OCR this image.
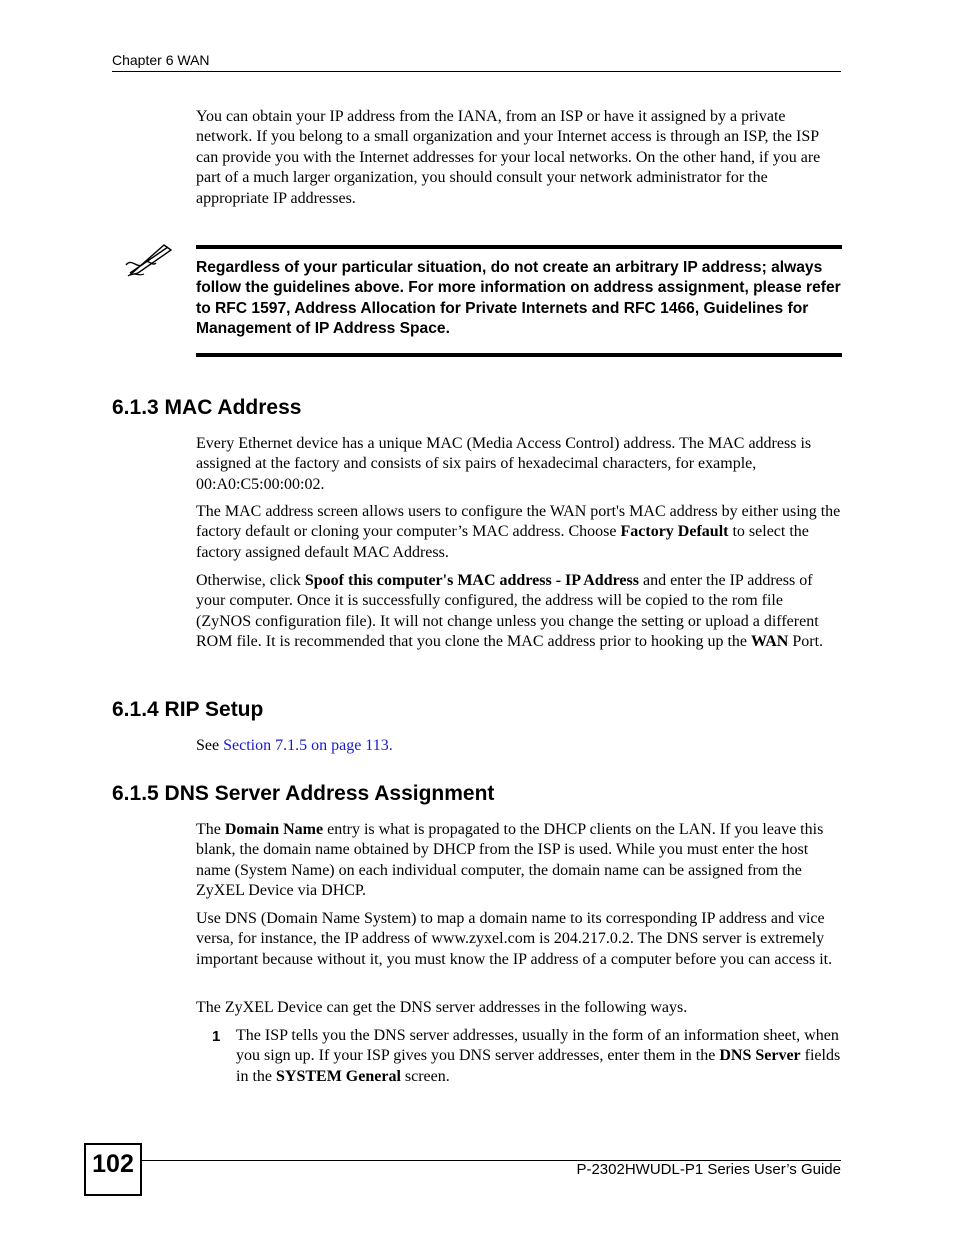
Chapter 6 WAN

You can obtain your IP address from the IANA, from an ISP or have it assigned by a private network. If you belong to a small organization and your Internet access is through an ISP, the ISP can provide you with the Internet addresses for your local networks. On the other hand, if you are part of a much larger organization, you should consult your network administrator for the appropriate IP addresses.

Regardless of your particular situation, do not create an arbitrary IP address; always follow the guidelines above. For more information on address assignment, please refer to RFC 1597, Address Allocation for Private Internets and RFC 1466, Guidelines for Management of IP Address Space.

6.1.3 MAC Address

Every Ethernet device has a unique MAC (Media Access Control) address. The MAC address is assigned at the factory and consists of six pairs of hexadecimal characters, for example, 00:A0:C5:00:00:02.

The MAC address screen allows users to configure the WAN port's MAC address by either using the factory default or cloning your computer’s MAC address. Choose Factory Default to select the factory assigned default MAC Address.

Otherwise, click Spoof this computer's MAC address - IP Address and enter the IP address of your computer. Once it is successfully configured, the address will be copied to the rom file (ZyNOS configuration file). It will not change unless you change the setting or upload a different ROM file. It is recommended that you clone the MAC address prior to hooking up the WAN Port.

6.1.4 RIP Setup

See Section 7.1.5 on page 113.

6.1.5 DNS Server Address Assignment

The Domain Name entry is what is propagated to the DHCP clients on the LAN. If you leave this blank, the domain name obtained by DHCP from the ISP is used. While you must enter the host name (System Name) on each individual computer, the domain name can be assigned from the ZyXEL Device via DHCP.

Use DNS (Domain Name System) to map a domain name to its corresponding IP address and vice versa, for instance, the IP address of www.zyxel.com is 204.217.0.2. The DNS server is extremely important because without it, you must know the IP address of a computer before you can access it.

The ZyXEL Device can get the DNS server addresses in the following ways.

1 The ISP tells you the DNS server addresses, usually in the form of an information sheet, when you sign up. If your ISP gives you DNS server addresses, enter them in the DNS Server fields in the SYSTEM General screen.

102	P-2302HWUDL-P1 Series User’s Guide
